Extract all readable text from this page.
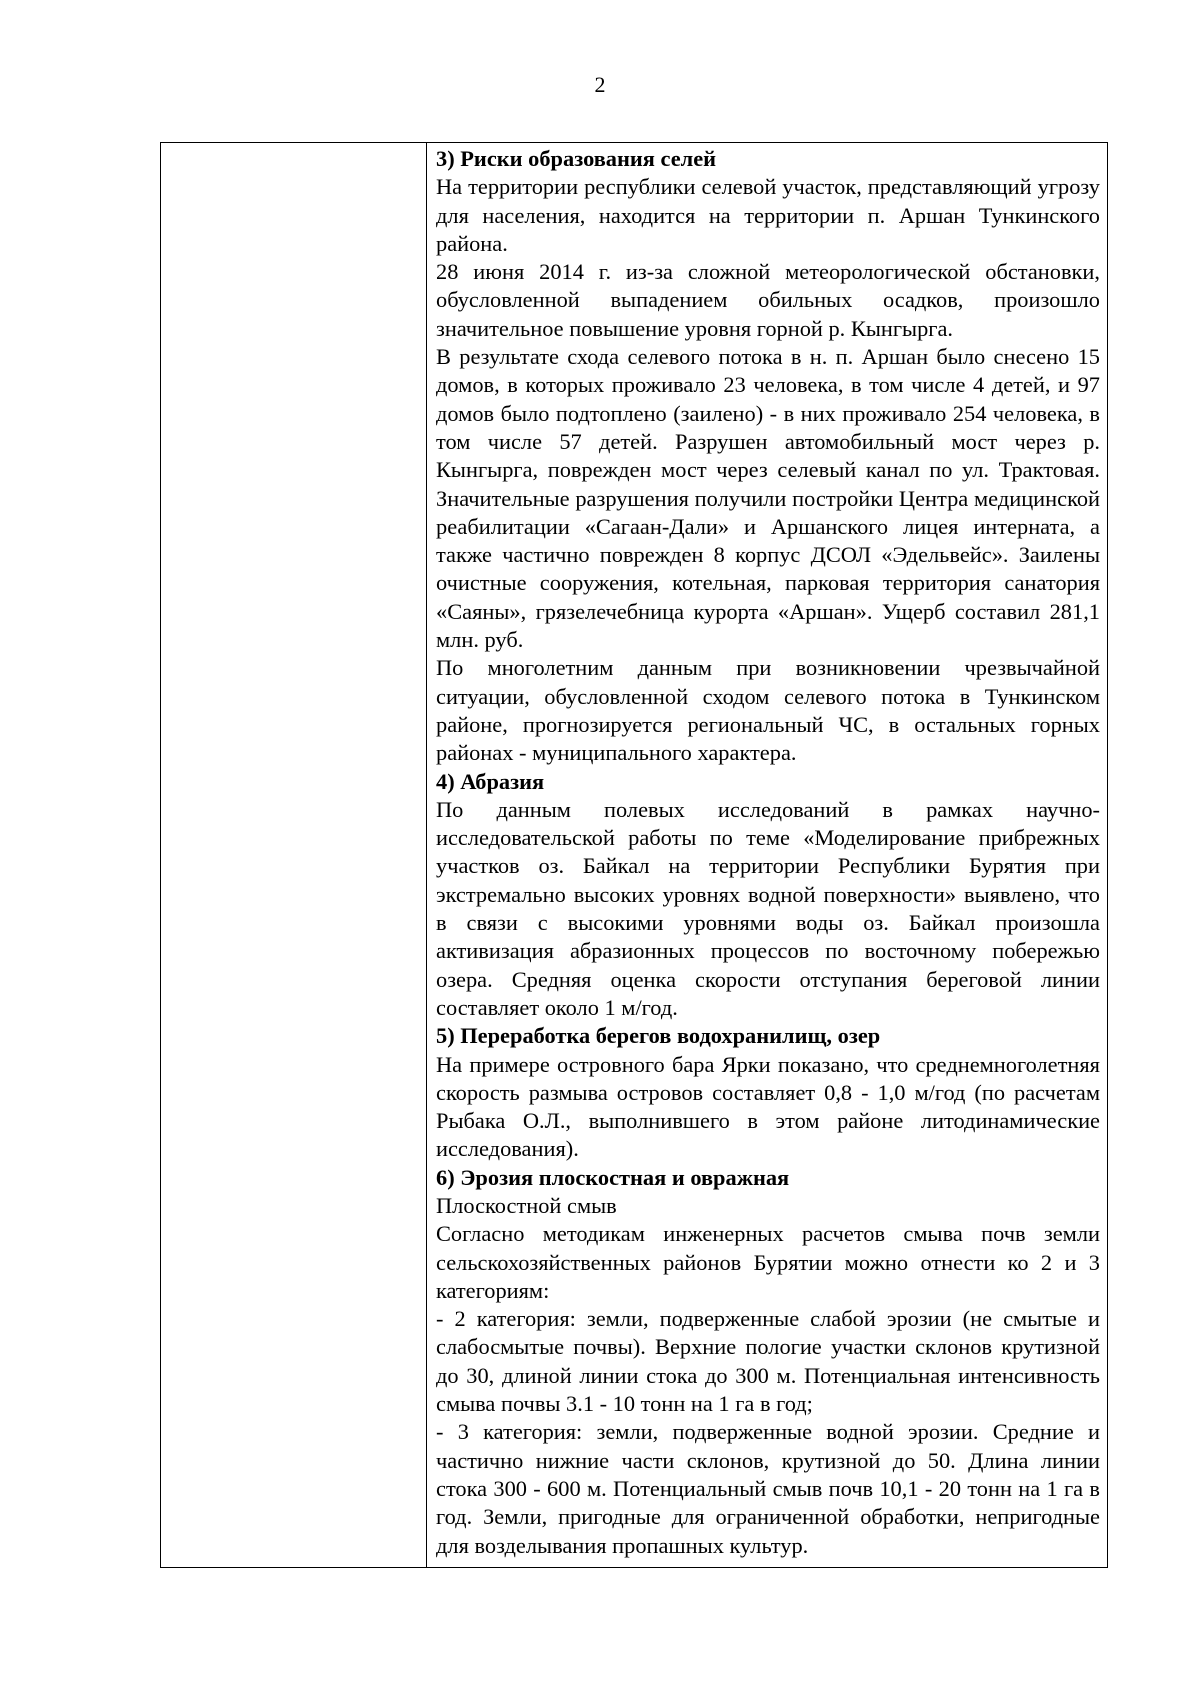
2
3) Риски образования селей

На территории республики селевой участок, представляющий угрозу для населения, находится на территории п. Аршан Тункинского района.

28 июня 2014 г. из-за сложной метеорологической обстановки, обусловленной выпадением обильных осадков, произошло значительное повышение уровня горной р. Кынгырга.

В результате схода селевого потока в н. п. Аршан было снесено 15 домов, в которых проживало 23 человека, в том числе 4 детей, и 97 домов было подтоплено (заилено) - в них проживало 254 человека, в том числе 57 детей. Разрушен автомобильный мост через р. Кынгырга, поврежден мост через селевый канал по ул. Трактовая. Значительные разрушения получили постройки Центра медицинской реабилитации «Сагаан-Дали» и Аршанского лицея интерната, а также частично поврежден 8 корпус ДСОЛ «Эдельвейс». Заилены очистные сооружения, котельная, парковая территория санатория «Саяны», грязелечебница курорта «Аршан». Ущерб составил 281,1 млн. руб.

По многолетним данным при возникновении чрезвычайной ситуации, обусловленной сходом селевого потока в Тункинском районе, прогнозируется региональный ЧС, в остальных горных районах - муниципального характера.

4) Абразия

По данным полевых исследований в рамках научно-исследовательской работы по теме «Моделирование прибрежных участков оз. Байкал на территории Республики Бурятия при экстремально высоких уровнях водной поверхности» выявлено, что в связи с высокими уровнями воды оз. Байкал произошла активизация абразионных процессов по восточному побережью озера. Средняя оценка скорости отступания береговой линии составляет около 1 м/год.

5) Переработка берегов водохранилищ, озер

На примере островного бара Ярки показано, что среднемноголетняя скорость размыва островов составляет 0,8 - 1,0 м/год (по расчетам Рыбака О.Л., выполнившего в этом районе литодинамические исследования).

6) Эрозия плоскостная и овражная

Плоскостной смыв

Согласно методикам инженерных расчетов смыва почв земли сельскохозяйственных районов Бурятии можно отнести ко 2 и 3 категориям:

- 2 категория: земли, подверженные слабой эрозии (не смытые и слабосмытые почвы). Верхние пологие участки склонов крутизной до 30, длиной линии стока до 300 м. Потенциальная интенсивность смыва почвы 3.1 - 10 тонн на 1 га в год;

- 3 категория: земли, подверженные водной эрозии. Средние и частично нижние части склонов, крутизной до 50. Длина линии стока 300 - 600 м. Потенциальный смыв почв 10,1 - 20 тонн на 1 га в год. Земли, пригодные для ограниченной обработки, непригодные для возделывания пропашных культур.
